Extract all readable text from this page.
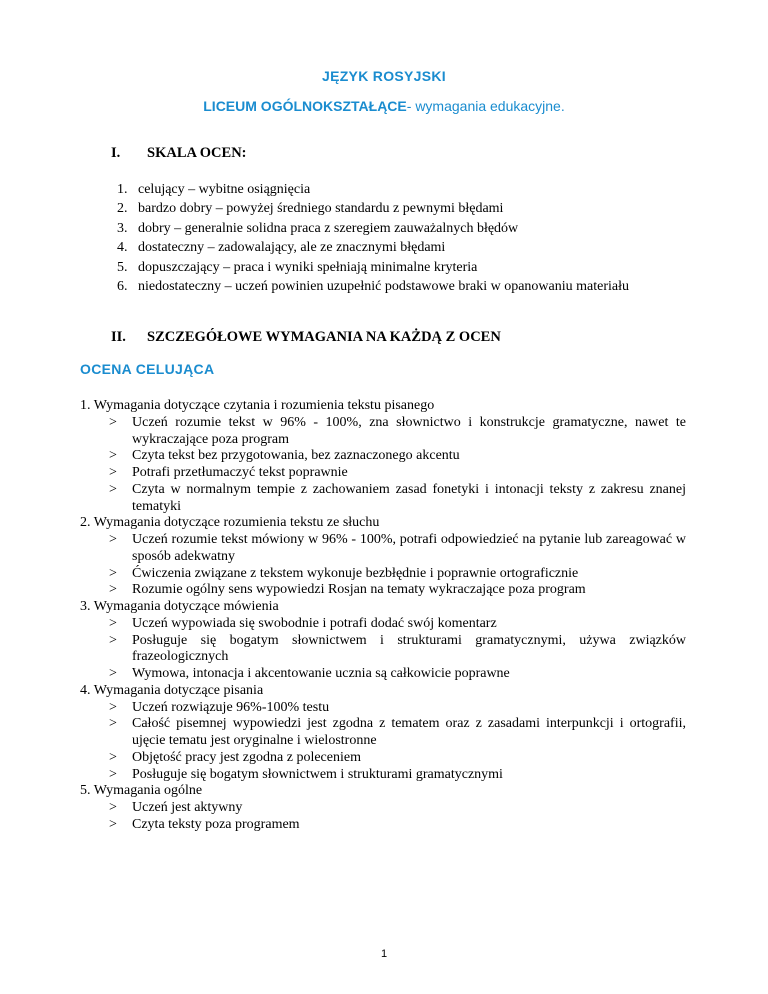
JĘZYK ROSYJSKI
LICEUM OGÓLNOKSZTAŁĄCE- wymagania edukacyjne.
I. SKALA OCEN:
1. celujący – wybitne osiągnięcia
2. bardzo dobry – powyżej średniego standardu z pewnymi błędami
3. dobry – generalnie solidna praca z szeregiem zauważalnych błędów
4. dostateczny – zadowalający, ale ze znacznymi błędami
5. dopuszczający – praca i wyniki spełniają minimalne kryteria
6. niedostateczny – uczeń powinien uzupełnić podstawowe braki w opanowaniu materiału
II. SZCZEGÓŁOWE WYMAGANIA NA KAŻDĄ Z OCEN
OCENA CELUJĄCA
1. Wymagania dotyczące czytania i rozumienia tekstu pisanego
> Uczeń rozumie tekst w 96% - 100%, zna słownictwo i konstrukcje gramatyczne, nawet te wykraczające poza program
> Czyta tekst bez przygotowania, bez zaznaczonego akcentu
> Potrafi przetłumaczyć tekst poprawnie
> Czyta w normalnym tempie z zachowaniem zasad fonetyki i intonacji teksty z zakresu znanej tematyki
2. Wymagania dotyczące rozumienia tekstu ze słuchu
> Uczeń rozumie tekst mówiony w 96% - 100%, potrafi odpowiedzieć na pytanie lub zareagować w sposób adekwatny
> Ćwiczenia związane z tekstem wykonuje bezbłędnie i poprawnie ortograficznie
> Rozumie ogólny sens wypowiedzi Rosjan na tematy wykraczające poza program
3. Wymagania dotyczące mówienia
> Uczeń wypowiada się swobodnie i potrafi dodać swój komentarz
> Posługuje się bogatym słownictwem i strukturami gramatycznymi, używa związków frazeologicznych
> Wymowa, intonacja i akcentowanie ucznia są całkowicie poprawne
4. Wymagania dotyczące pisania
> Uczeń rozwiązuje 96%-100% testu
> Całość pisemnej wypowiedzi jest zgodna z tematem oraz z zasadami interpunkcji i ortografii, ujęcie tematu jest oryginalne i wielostronne
> Objętość pracy jest zgodna z poleceniem
> Posługuje się bogatym słownictwem i strukturami gramatycznymi
5. Wymagania ogólne
> Uczeń jest aktywny
> Czyta teksty poza programem
1
